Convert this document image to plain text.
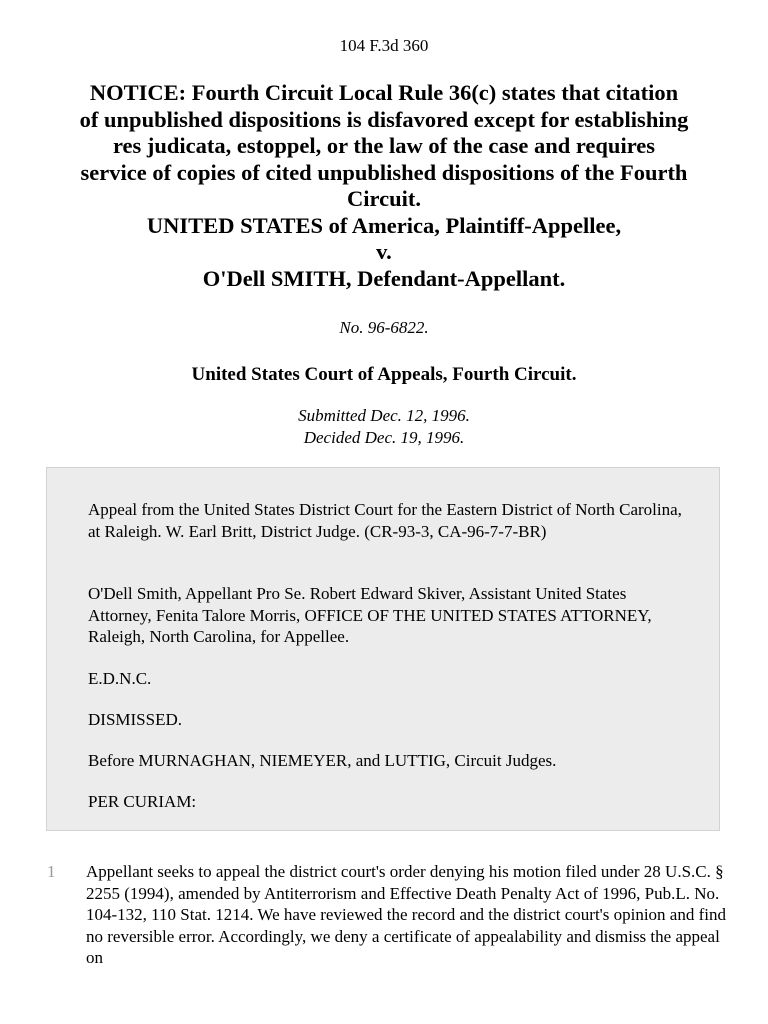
104 F.3d 360
NOTICE: Fourth Circuit Local Rule 36(c) states that citation
of unpublished dispositions is disfavored except for establishing
res judicata, estoppel, or the law of the case and requires
service of copies of cited unpublished dispositions of the Fourth
Circuit.
UNITED STATES of America, Plaintiff-Appellee,
v.
O'Dell SMITH, Defendant-Appellant.
No. 96-6822.
United States Court of Appeals, Fourth Circuit.
Submitted Dec. 12, 1996.
Decided Dec. 19, 1996.

Appeal from the United States District Court for the Eastern District of North Carolina, at Raleigh. W. Earl Britt, District Judge. (CR-93-3, CA-96-7-7-BR)

O'Dell Smith, Appellant Pro Se. Robert Edward Skiver, Assistant United States Attorney, Fenita Talore Morris, OFFICE OF THE UNITED STATES ATTORNEY, Raleigh, North Carolina, for Appellee.

E.D.N.C.

DISMISSED.

Before MURNAGHAN, NIEMEYER, and LUTTIG, Circuit Judges.

PER CURIAM:

1 Appellant seeks to appeal the district court's order denying his motion filed under 28 U.S.C. § 2255 (1994), amended by Antiterrorism and Effective Death Penalty Act of 1996, Pub.L. No. 104-132, 110 Stat. 1214. We have reviewed the record and the district court's opinion and find no reversible error. Accordingly, we deny a certificate of appealability and dismiss the appeal on
